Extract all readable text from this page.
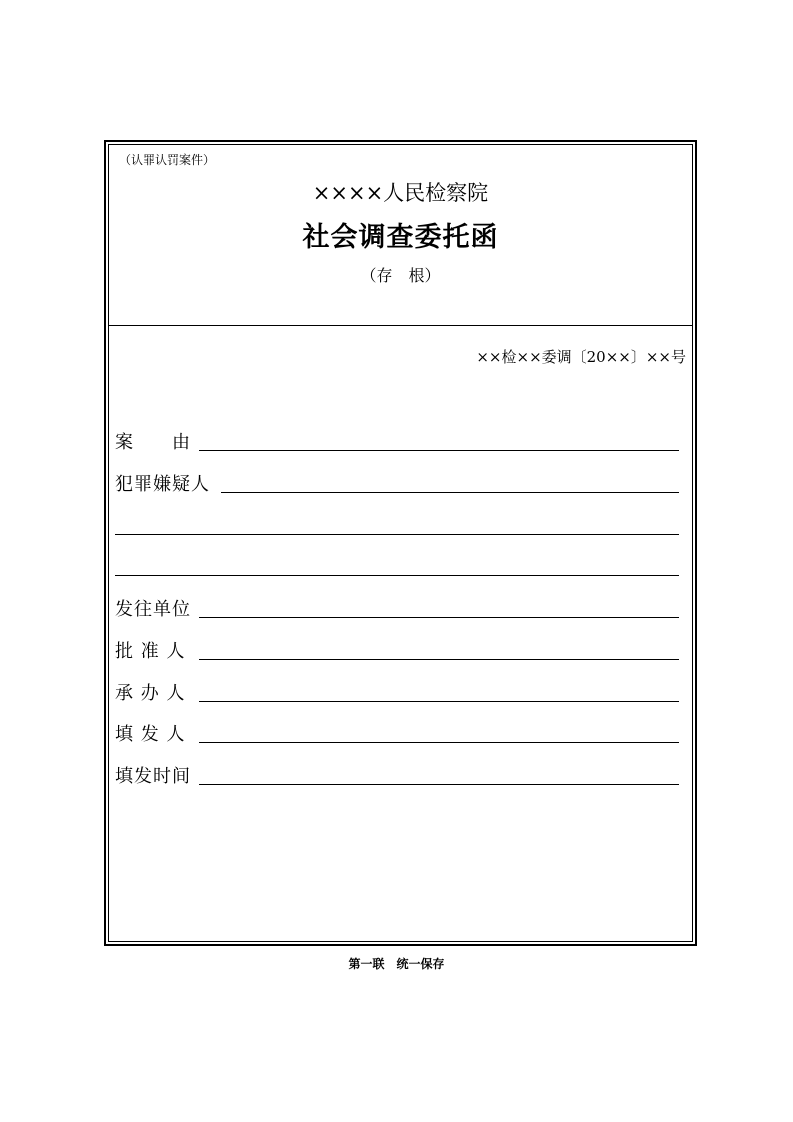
（认罪认罚案件）
××××人民检察院
社会调查委托函
（存　根）
××检××委调〔20××〕××号
案　　由
犯罪嫌疑人
发往单位
批 准 人
承 办 人
填 发 人
填发时间
第一联　统一保存
